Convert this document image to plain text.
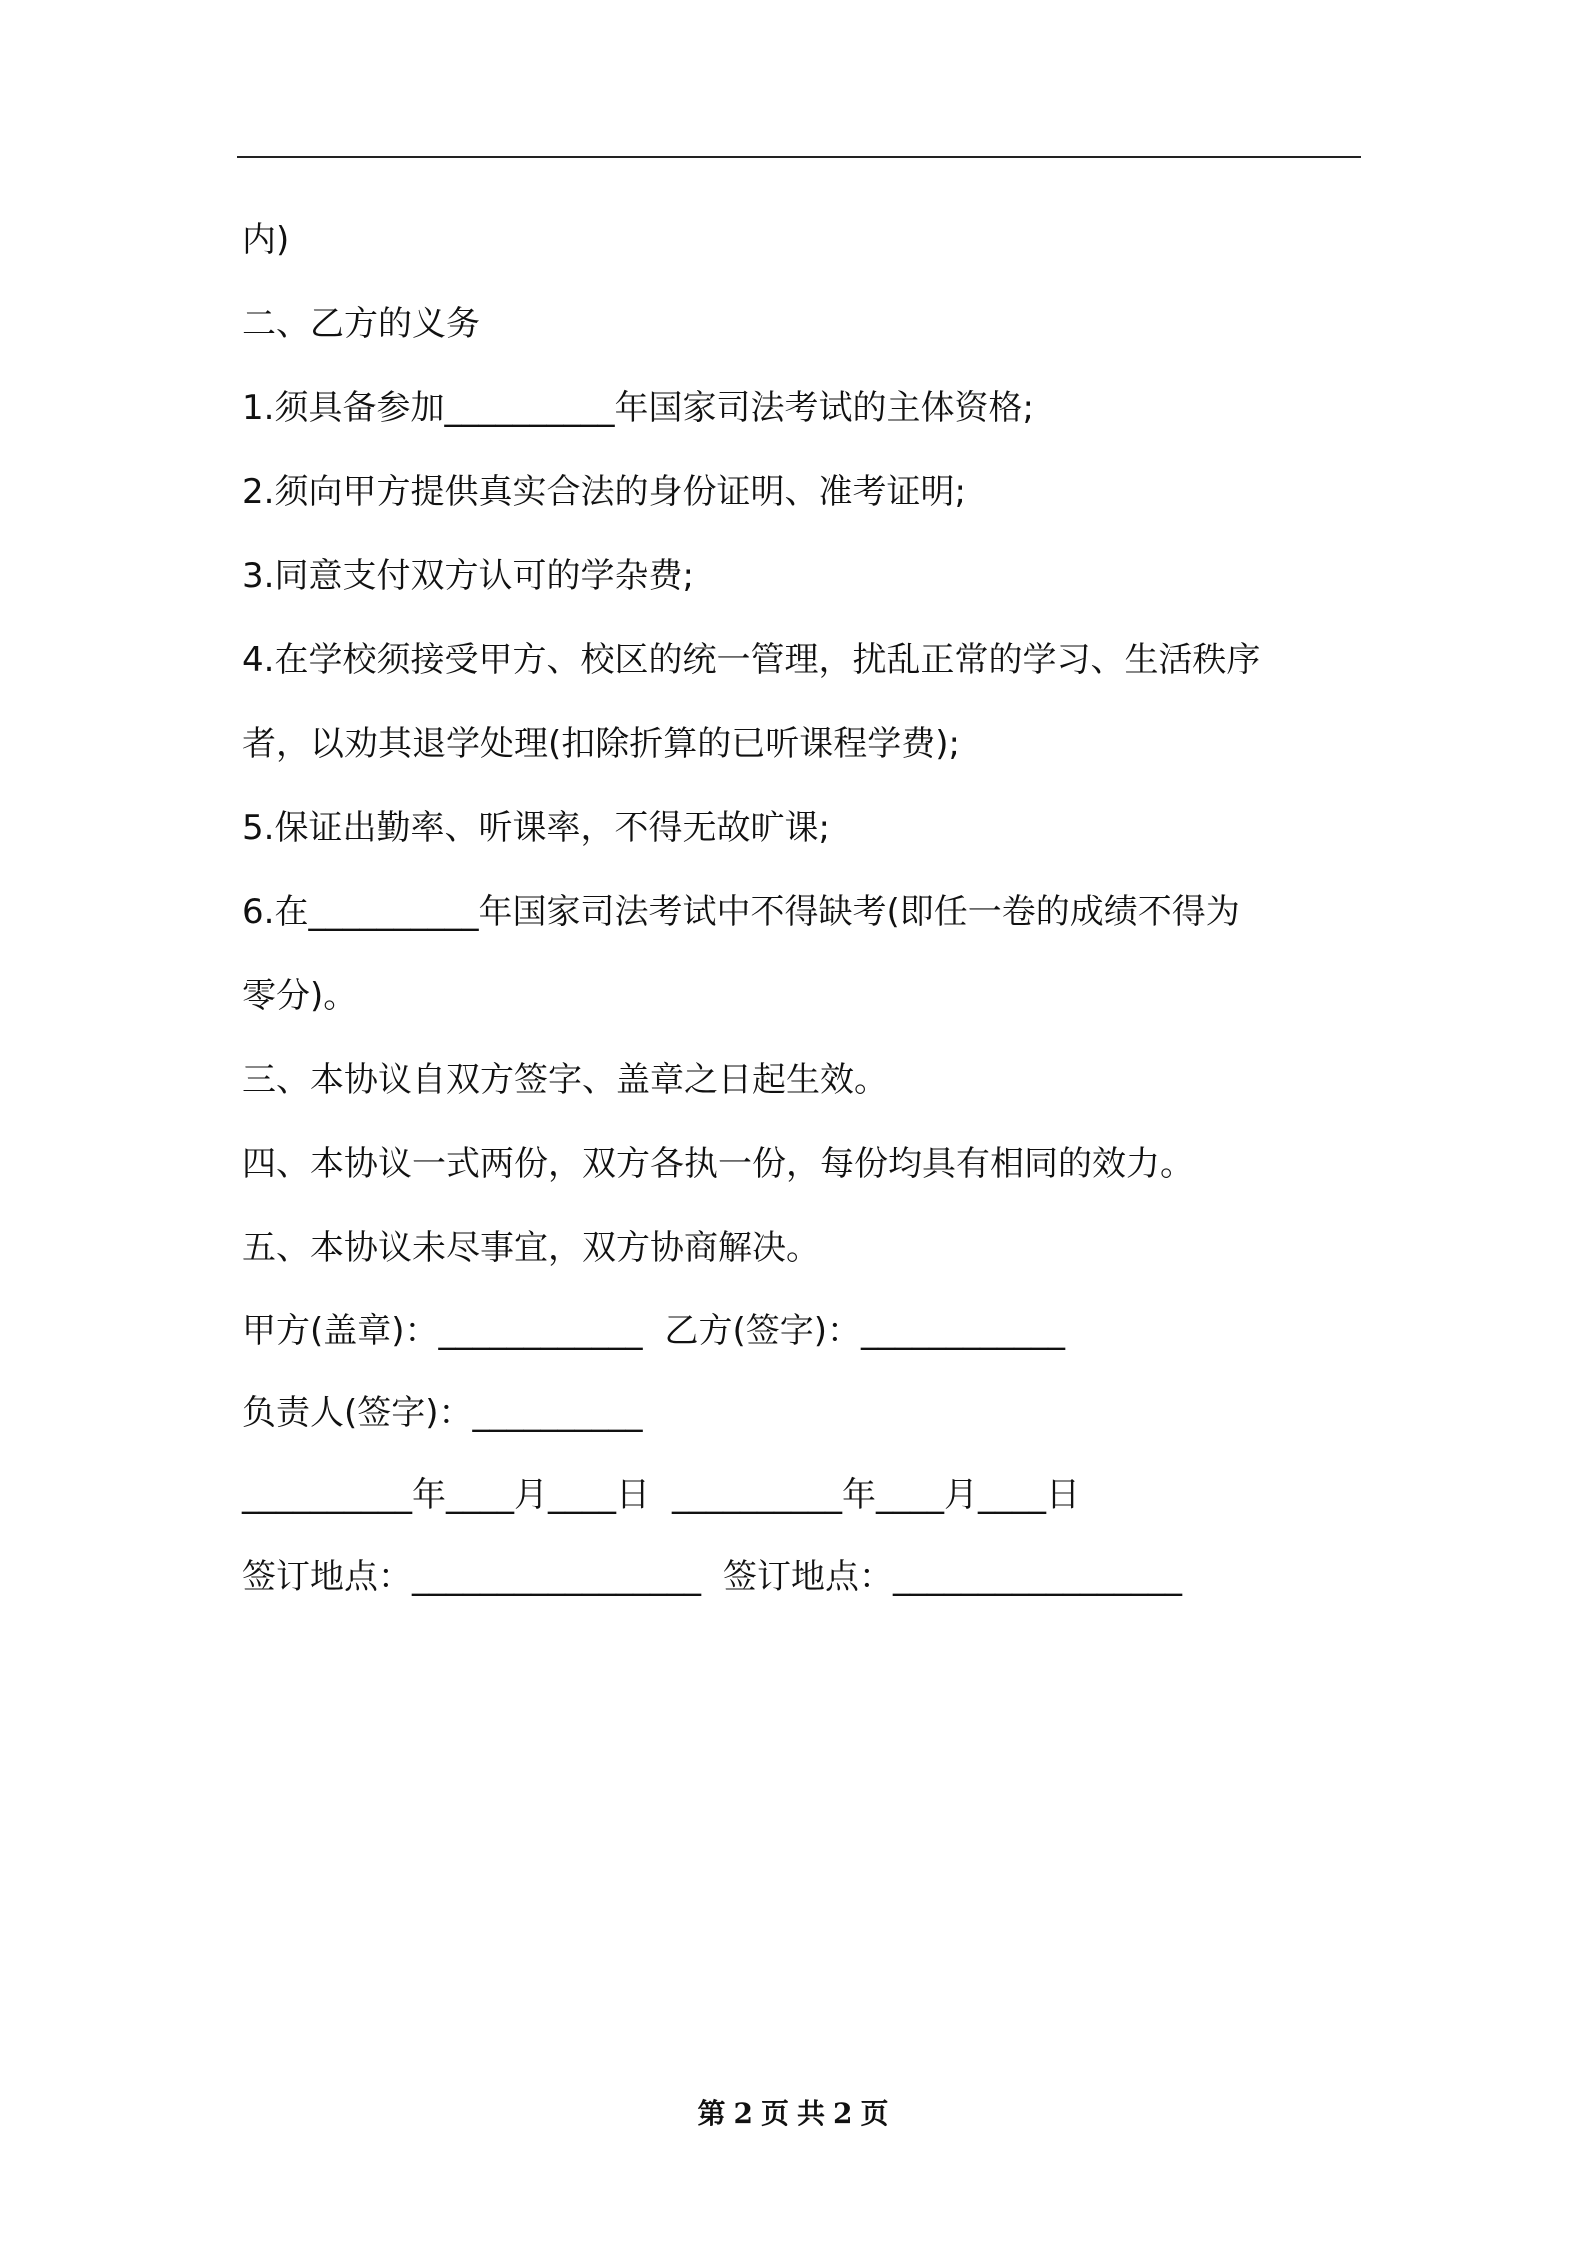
内)
二、乙方的义务
1.须具备参加__________年国家司法考试的主体资格;
2.须向甲方提供真实合法的身份证明、准考证明;
3.同意支付双方认可的学杂费;
4.在学校须接受甲方、校区的统一管理，扰乱正常的学习、生活秩序
者，以劝其退学处理(扣除折算的已听课程学费);
5.保证出勤率、听课率，不得无故旷课;
6.在__________年国家司法考试中不得缺考(即任一卷的成绩不得为
零分)。
三、本协议自双方签字、盖章之日起生效。
四、本协议一式两份，双方各执一份，每份均具有相同的效力。
五、本协议未尽事宜，双方协商解决。
甲方(盖章)：____________ 乙方(签字)：____________
负责人(签字)：__________
__________年____月____日 __________年____月____日
签订地点：_________________ 签订地点：_________________
第 2 页 共 2 页
